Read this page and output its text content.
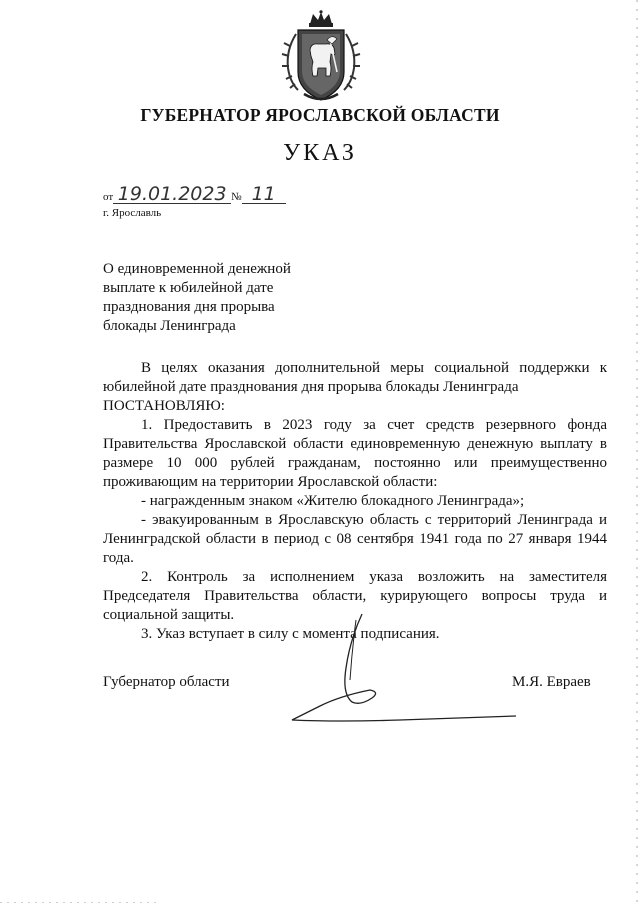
ГУБЕРНАТОР ЯРОСЛАВСКОЙ ОБЛАСТИ
УКАЗ
от 19.01.2023 № 11
г. Ярославль
О единовременной денежной
выплате к юбилейной дате
празднования дня прорыва
блокады Ленинграда
В целях оказания дополнительной меры социальной поддержки к юбилейной дате празднования дня прорыва блокады Ленинграда
ПОСТАНОВЛЯЮ:
1. Предоставить в 2023 году за счет средств резервного фонда Правительства Ярославской области единовременную денежную выплату в размере 10 000 рублей гражданам, постоянно или преимущественно проживающим на территории Ярославской области:
- награжденным знаком «Жителю блокадного Ленинграда»;
- эвакуированным в Ярославскую область с территорий Ленинграда и Ленинградской области в период с 08 сентября 1941 года по 27 января 1944 года.
2. Контроль за исполнением указа возложить на заместителя Председателя Правительства области, курирующего вопросы труда и социальной защиты.
3. Указ вступает в силу с момента подписания.
Губернатор области	М.Я. Евраев
